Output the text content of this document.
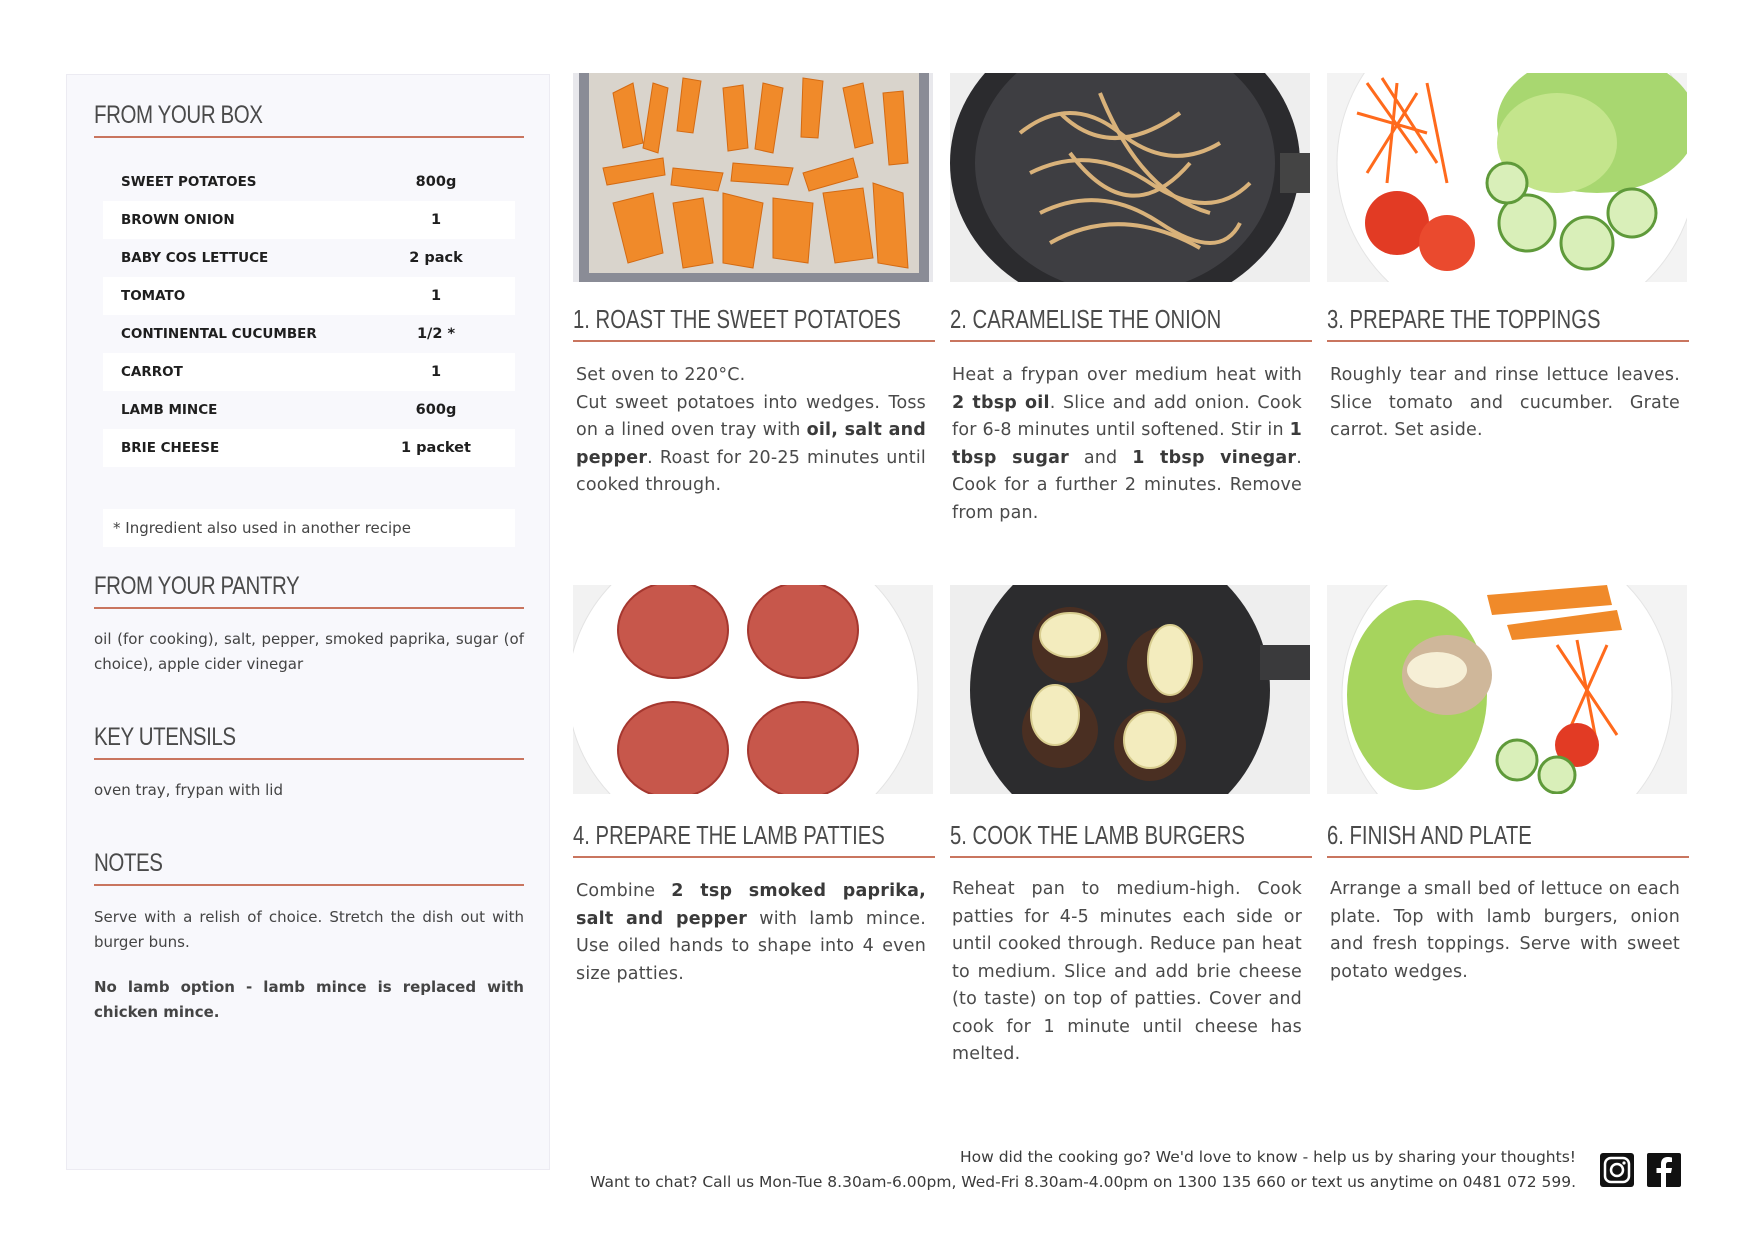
FROM YOUR BOX
SWEET POTATOES	800g
BROWN ONION	1
BABY COS LETTUCE	2 pack
TOMATO	1
CONTINENTAL CUCUMBER	1/2 *
CARROT	1
LAMB MINCE	600g
BRIE CHEESE	1 packet
* Ingredient also used in another recipe
FROM YOUR PANTRY
oil (for cooking), salt, pepper, smoked paprika, sugar (of choice), apple cider vinegar
KEY UTENSILS
oven tray, frypan with lid
NOTES
Serve with a relish of choice. Stretch the dish out with burger buns.
No lamb option - lamb mince is replaced with chicken mince.
1. ROAST THE SWEET POTATOES
Set oven to 220°C.
Cut sweet potatoes into wedges. Toss on a lined oven tray with oil, salt and pepper. Roast for 20-25 minutes until cooked through.
2. CARAMELISE THE ONION
Heat a frypan over medium heat with 2 tbsp oil. Slice and add onion. Cook for 6-8 minutes until softened. Stir in 1 tbsp sugar and 1 tbsp vinegar. Cook for a further 2 minutes. Remove from pan.
3. PREPARE THE TOPPINGS
Roughly tear and rinse lettuce leaves. Slice tomato and cucumber. Grate carrot. Set aside.
4. PREPARE THE LAMB PATTIES
Combine 2 tsp smoked paprika, salt and pepper with lamb mince. Use oiled hands to shape into 4 even size patties.
5. COOK THE LAMB BURGERS
Reheat pan to medium-high. Cook patties for 4-5 minutes each side or until cooked through. Reduce pan heat to medium. Slice and add brie cheese (to taste) on top of patties. Cover and cook for 1 minute until cheese has melted.
6. FINISH AND PLATE
Arrange a small bed of lettuce on each plate. Top with lamb burgers, onion and fresh toppings. Serve with sweet potato wedges.
How did the cooking go? We'd love to know - help us by sharing your thoughts!
Want to chat? Call us Mon-Tue 8.30am-6.00pm, Wed-Fri 8.30am-4.00pm on 1300 135 660 or text us anytime on 0481 072 599.
